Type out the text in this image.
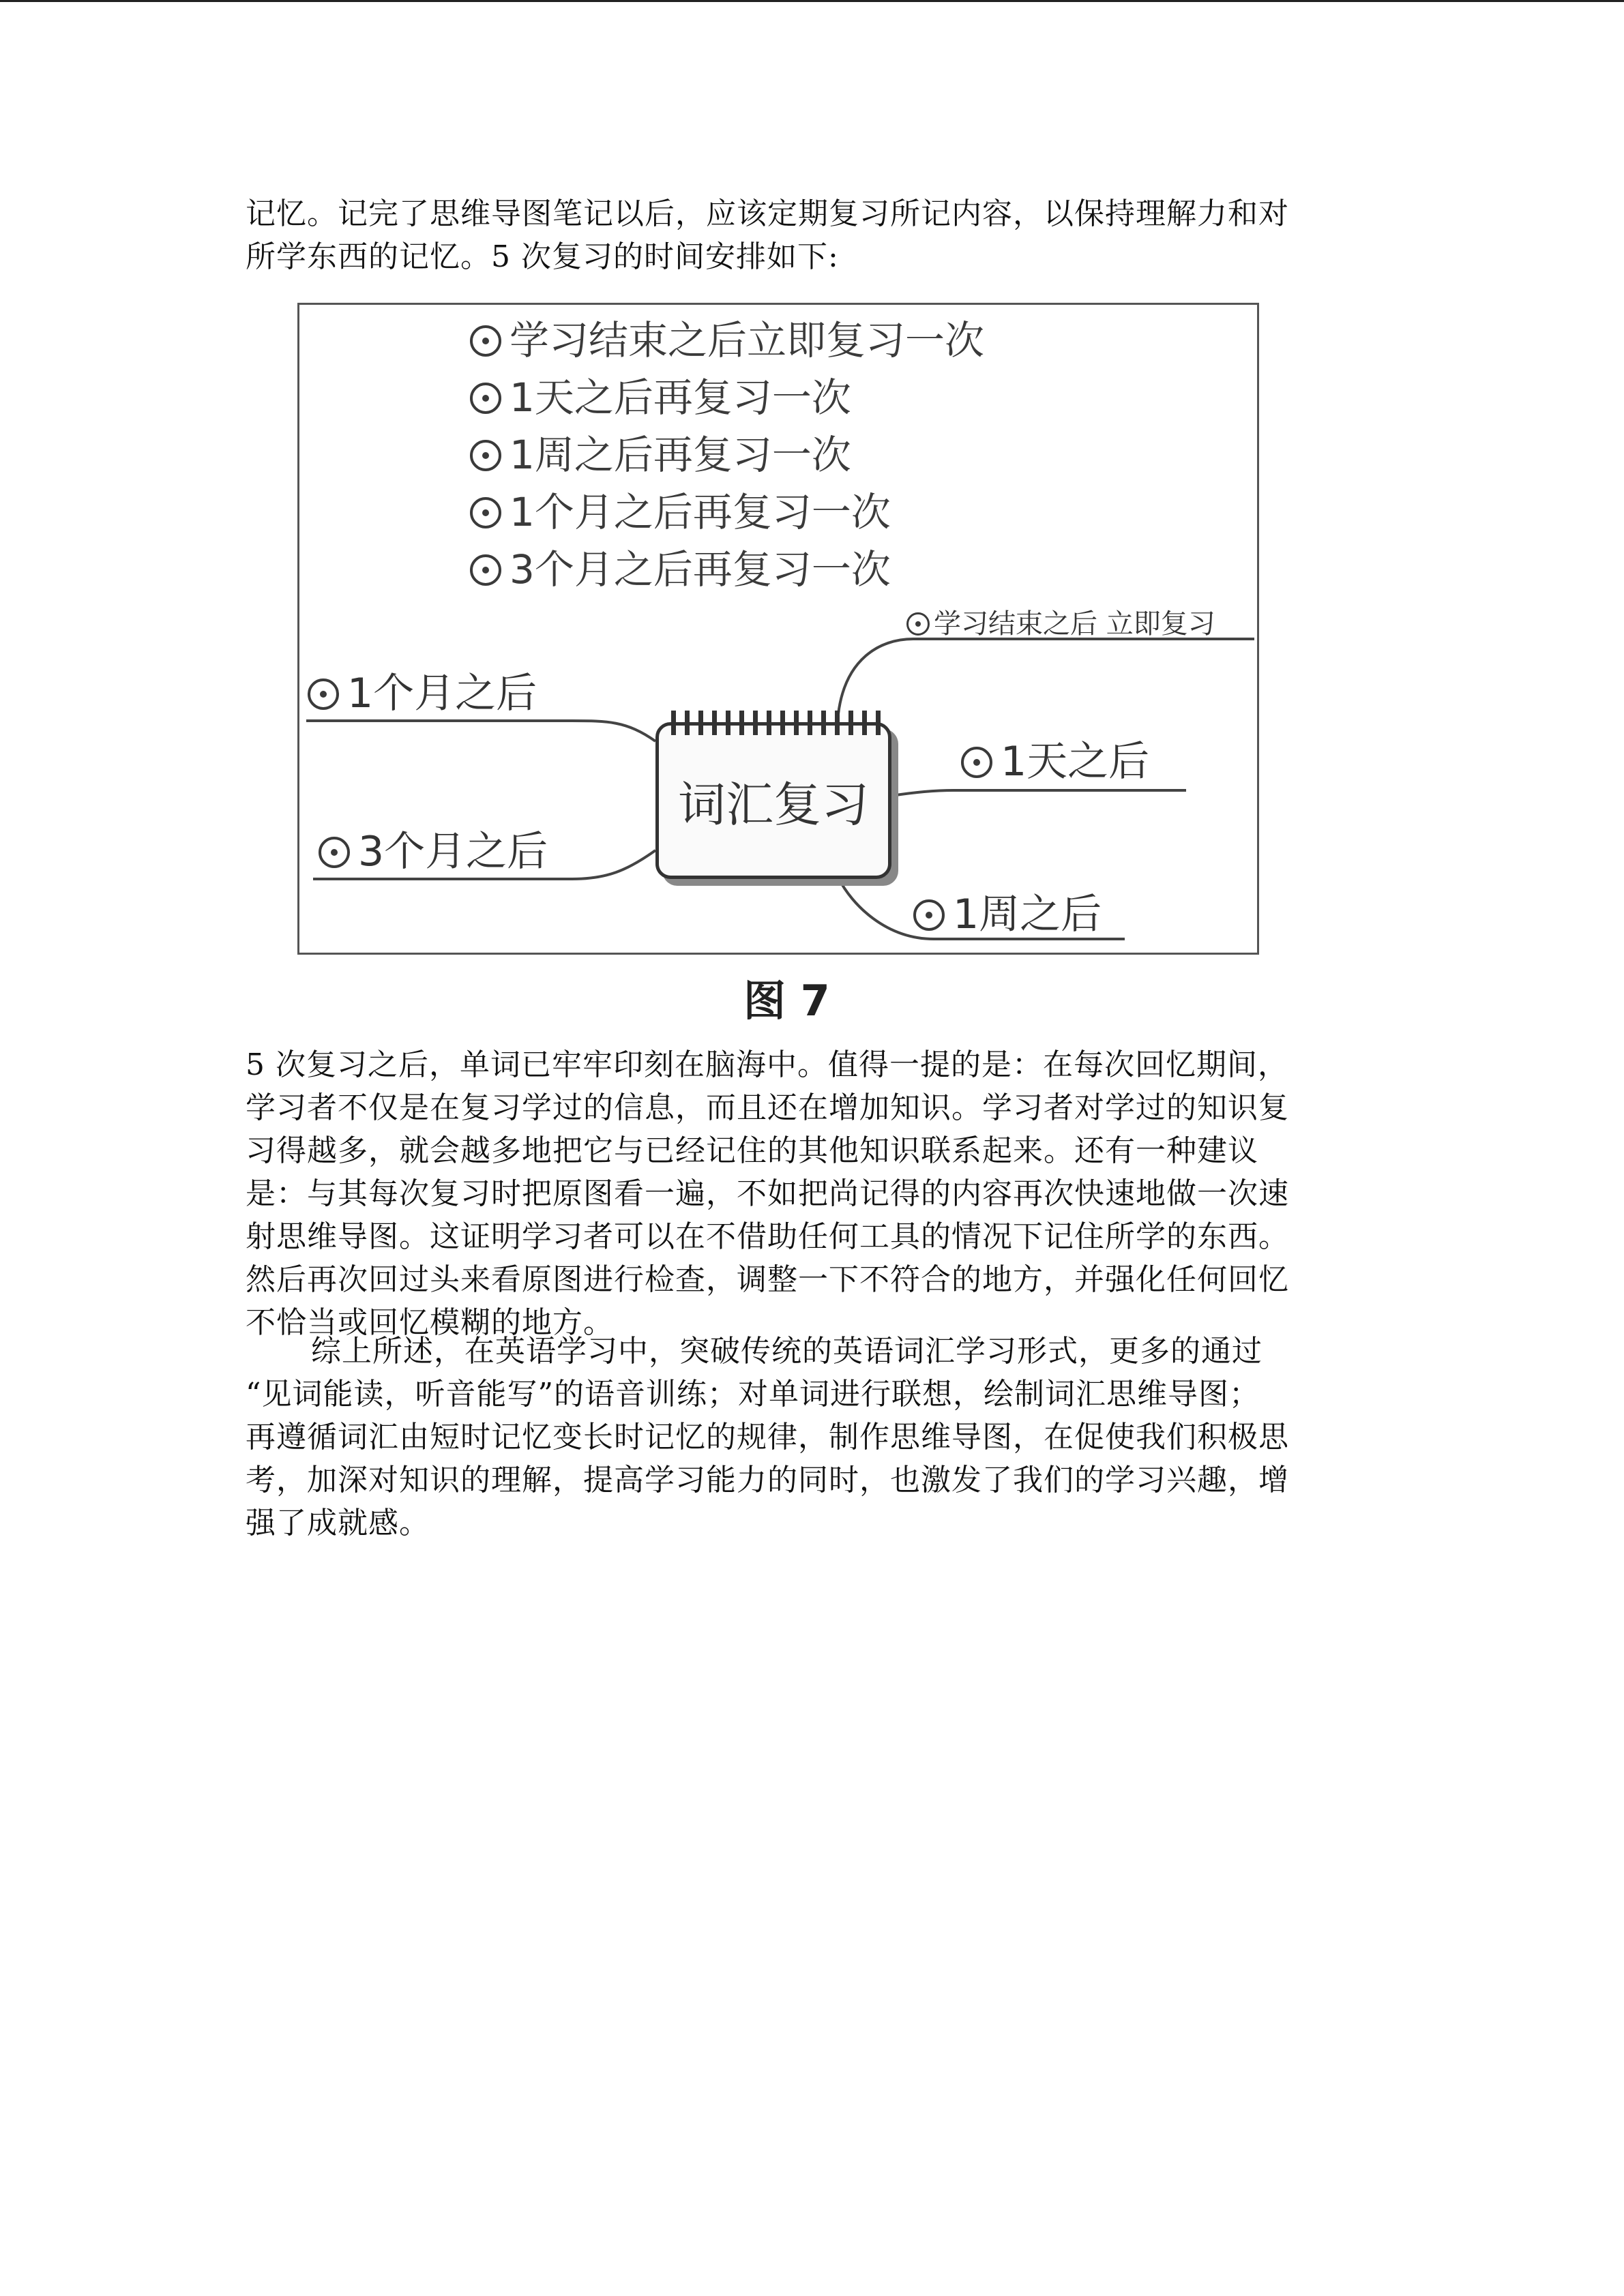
记忆。记完了思维导图笔记以后，应该定期复习所记内容，以保持理解力和对
所学东西的记忆。5 次复习的时间安排如下:
学习结束之后立即复习一次
1天之后再复习一次
1周之后再复习一次
1个月之后再复习一次
3个月之后再复习一次
学习结束之后 立即复习
1天之后
1周之后
1个月之后
3个月之后
词汇复习
图 7
5 次复习之后，单词已牢牢印刻在脑海中。值得一提的是：在每次回忆期间，
学习者不仅是在复习学过的信息，而且还在增加知识。学习者对学过的知识复
习得越多，就会越多地把它与已经记住的其他知识联系起来。还有一种建议
是：与其每次复习时把原图看一遍，不如把尚记得的内容再次快速地做一次速
射思维导图。这证明学习者可以在不借助任何工具的情况下记住所学的东西。
然后再次回过头来看原图进行检查，调整一下不符合的地方，并强化任何回忆
不恰当或回忆模糊的地方。
综上所述，在英语学习中，突破传统的英语词汇学习形式，更多的通过
“见词能读，听音能写”的语音训练；对单词进行联想，绘制词汇思维导图；
再遵循词汇由短时记忆变长时记忆的规律，制作思维导图，在促使我们积极思
考，加深对知识的理解，提高学习能力的同时，也激发了我们的学习兴趣，增
强了成就感。
